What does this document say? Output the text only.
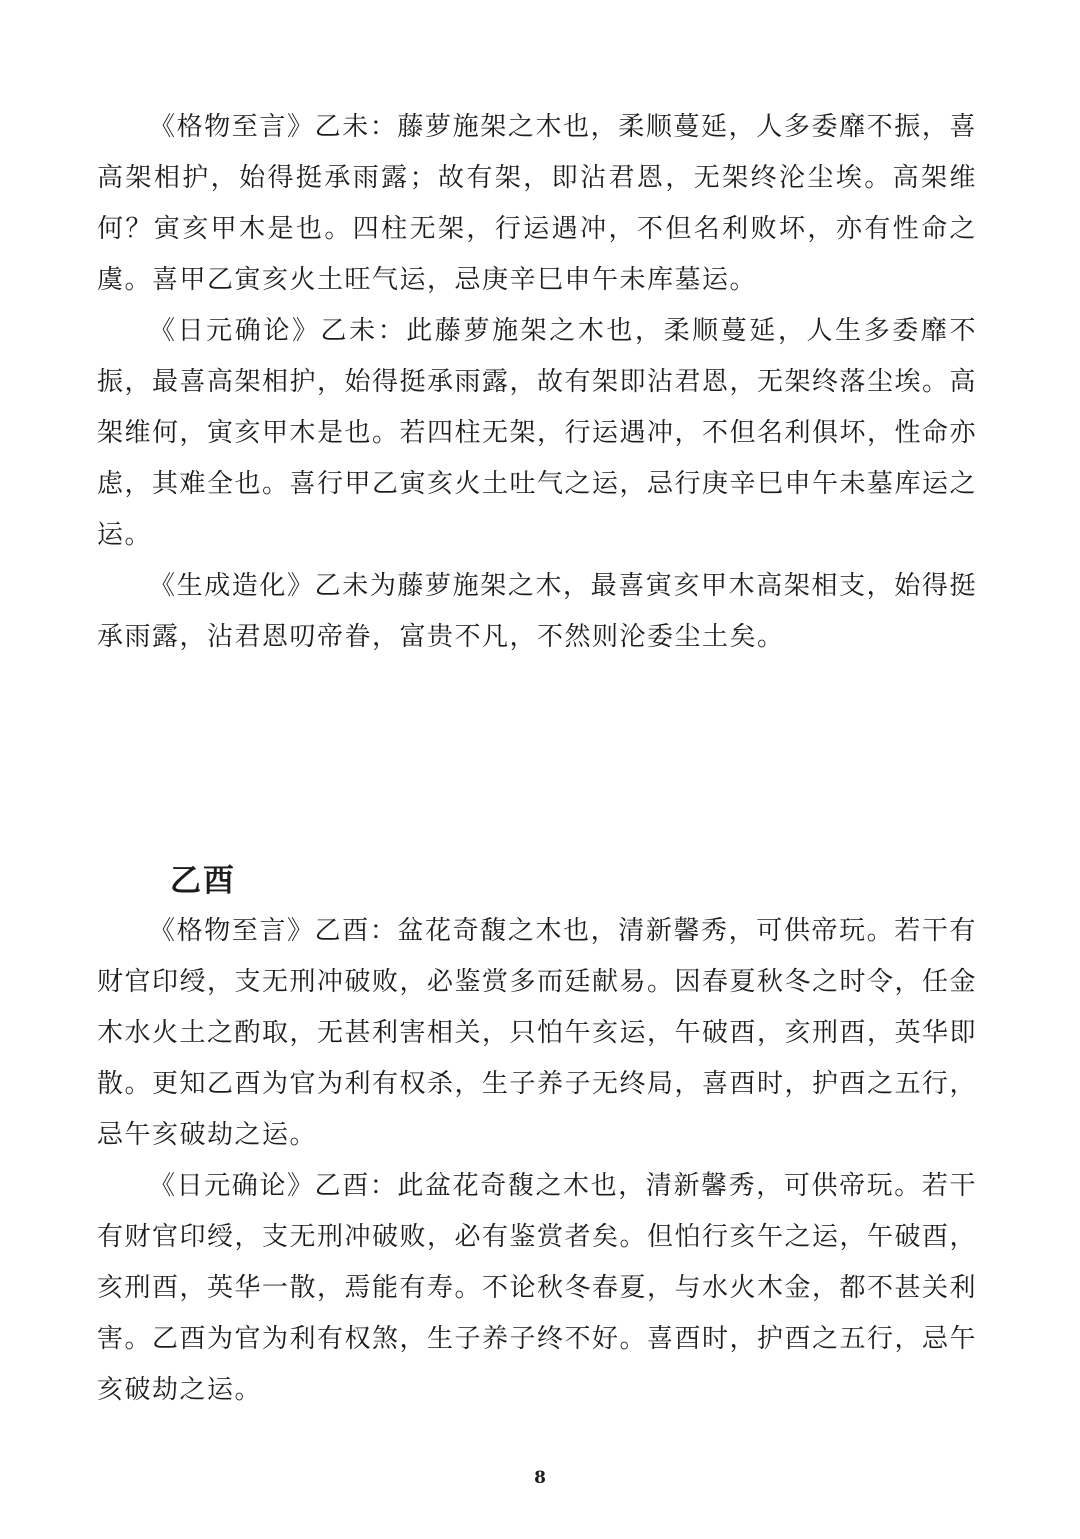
《格物至言》乙未：藤萝施架之木也，柔顺蔓延，人多委靡不振，喜高架相护，始得挺承雨露；故有架，即沾君恩，无架终沦尘埃。高架维何？寅亥甲木是也。四柱无架，行运遇冲，不但名利败坏，亦有性命之虞。喜甲乙寅亥火土旺气运，忌庚辛巳申午未库墓运。

《日元确论》乙未：此藤萝施架之木也，柔顺蔓延，人生多委靡不振，最喜高架相护，始得挺承雨露，故有架即沾君恩，无架终落尘埃。高架维何，寅亥甲木是也。若四柱无架，行运遇冲，不但名利俱坏，性命亦虑，其难全也。喜行甲乙寅亥火土吐气之运，忌行庚辛巳申午未墓库运之运。

《生成造化》乙未为藤萝施架之木，最喜寅亥甲木高架相支，始得挺承雨露，沾君恩叨帝眷，富贵不凡，不然则沦委尘土矣。

乙酉

《格物至言》乙酉：盆花奇馥之木也，清新馨秀，可供帝玩。若干有财官印绶，支无刑冲破败，必鉴赏多而廷献易。因春夏秋冬之时令，任金木水火土之酌取，无甚利害相关，只怕午亥运，午破酉，亥刑酉，英华即散。更知乙酉为官为利有权杀，生子养子无终局，喜酉时，护酉之五行，忌午亥破劫之运。

《日元确论》乙酉：此盆花奇馥之木也，清新馨秀，可供帝玩。若干有财官印绶，支无刑冲破败，必有鉴赏者矣。但怕行亥午之运，午破酉，亥刑酉，英华一散，焉能有寿。不论秋冬春夏，与水火木金，都不甚关利害。乙酉为官为利有权煞，生子养子终不好。喜酉时，护酉之五行，忌午亥破劫之运。

8
